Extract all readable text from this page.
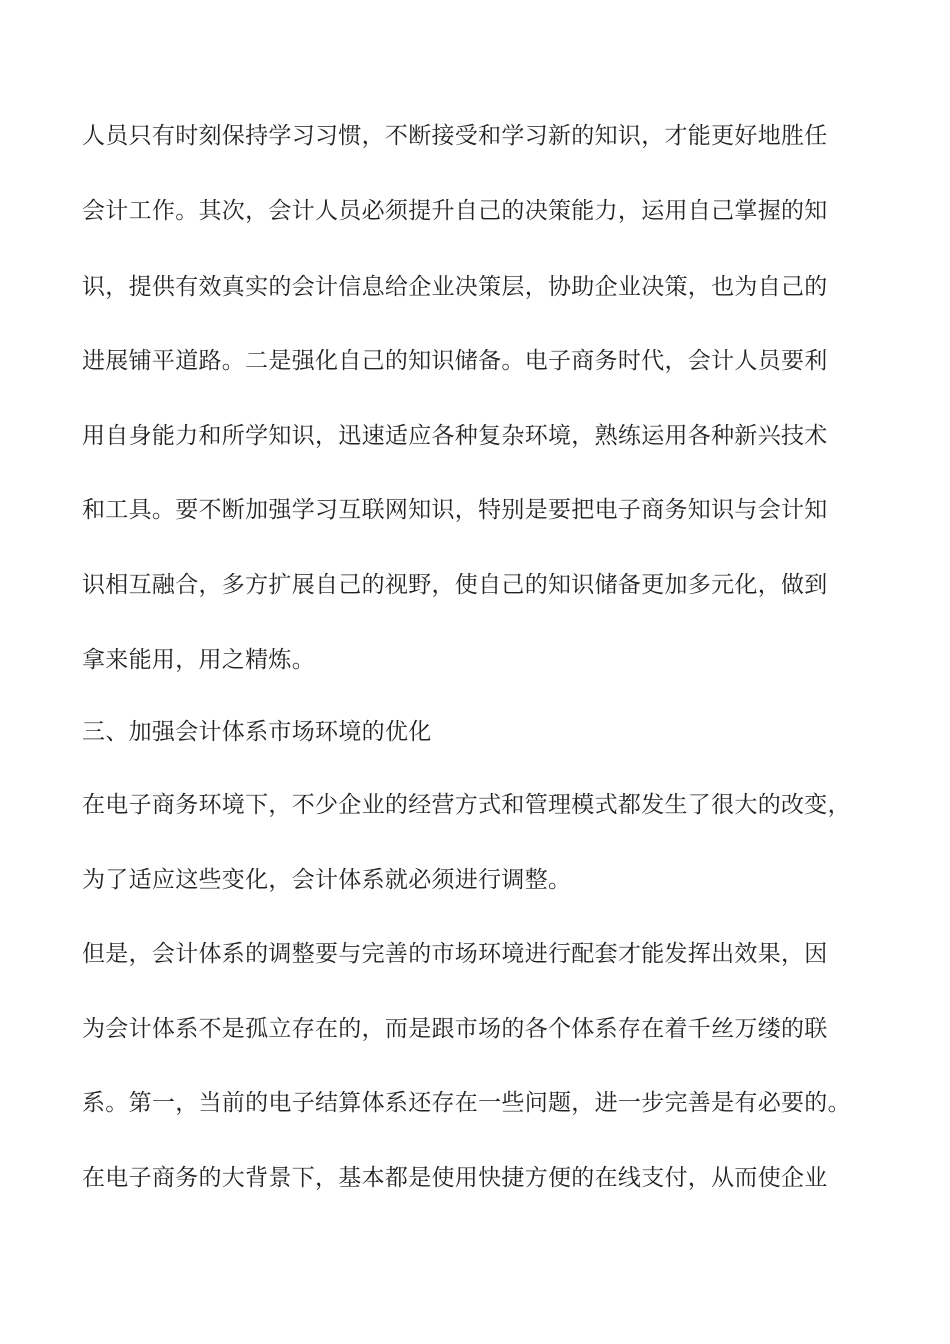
人员只有时刻保持学习习惯，不断接受和学习新的知识，才能更好地胜任
会计工作。其次，会计人员必须提升自己的决策能力，运用自己掌握的知
识，提供有效真实的会计信息给企业决策层，协助企业决策，也为自己的
进展铺平道路。二是强化自己的知识储备。电子商务时代，会计人员要利
用自身能力和所学知识，迅速适应各种复杂环境，熟练运用各种新兴技术
和工具。要不断加强学习互联网知识，特别是要把电子商务知识与会计知
识相互融合，多方扩展自己的视野，使自己的知识储备更加多元化，做到
拿来能用，用之精炼。
三、加强会计体系市场环境的优化
在电子商务环境下，不少企业的经营方式和管理模式都发生了很大的改变，
为了适应这些变化，会计体系就必须进行调整。
但是，会计体系的调整要与完善的市场环境进行配套才能发挥出效果，因
为会计体系不是孤立存在的，而是跟市场的各个体系存在着千丝万缕的联
系。第一，当前的电子结算体系还存在一些问题，进一步完善是有必要的。
在电子商务的大背景下，基本都是使用快捷方便的在线支付，从而使企业
